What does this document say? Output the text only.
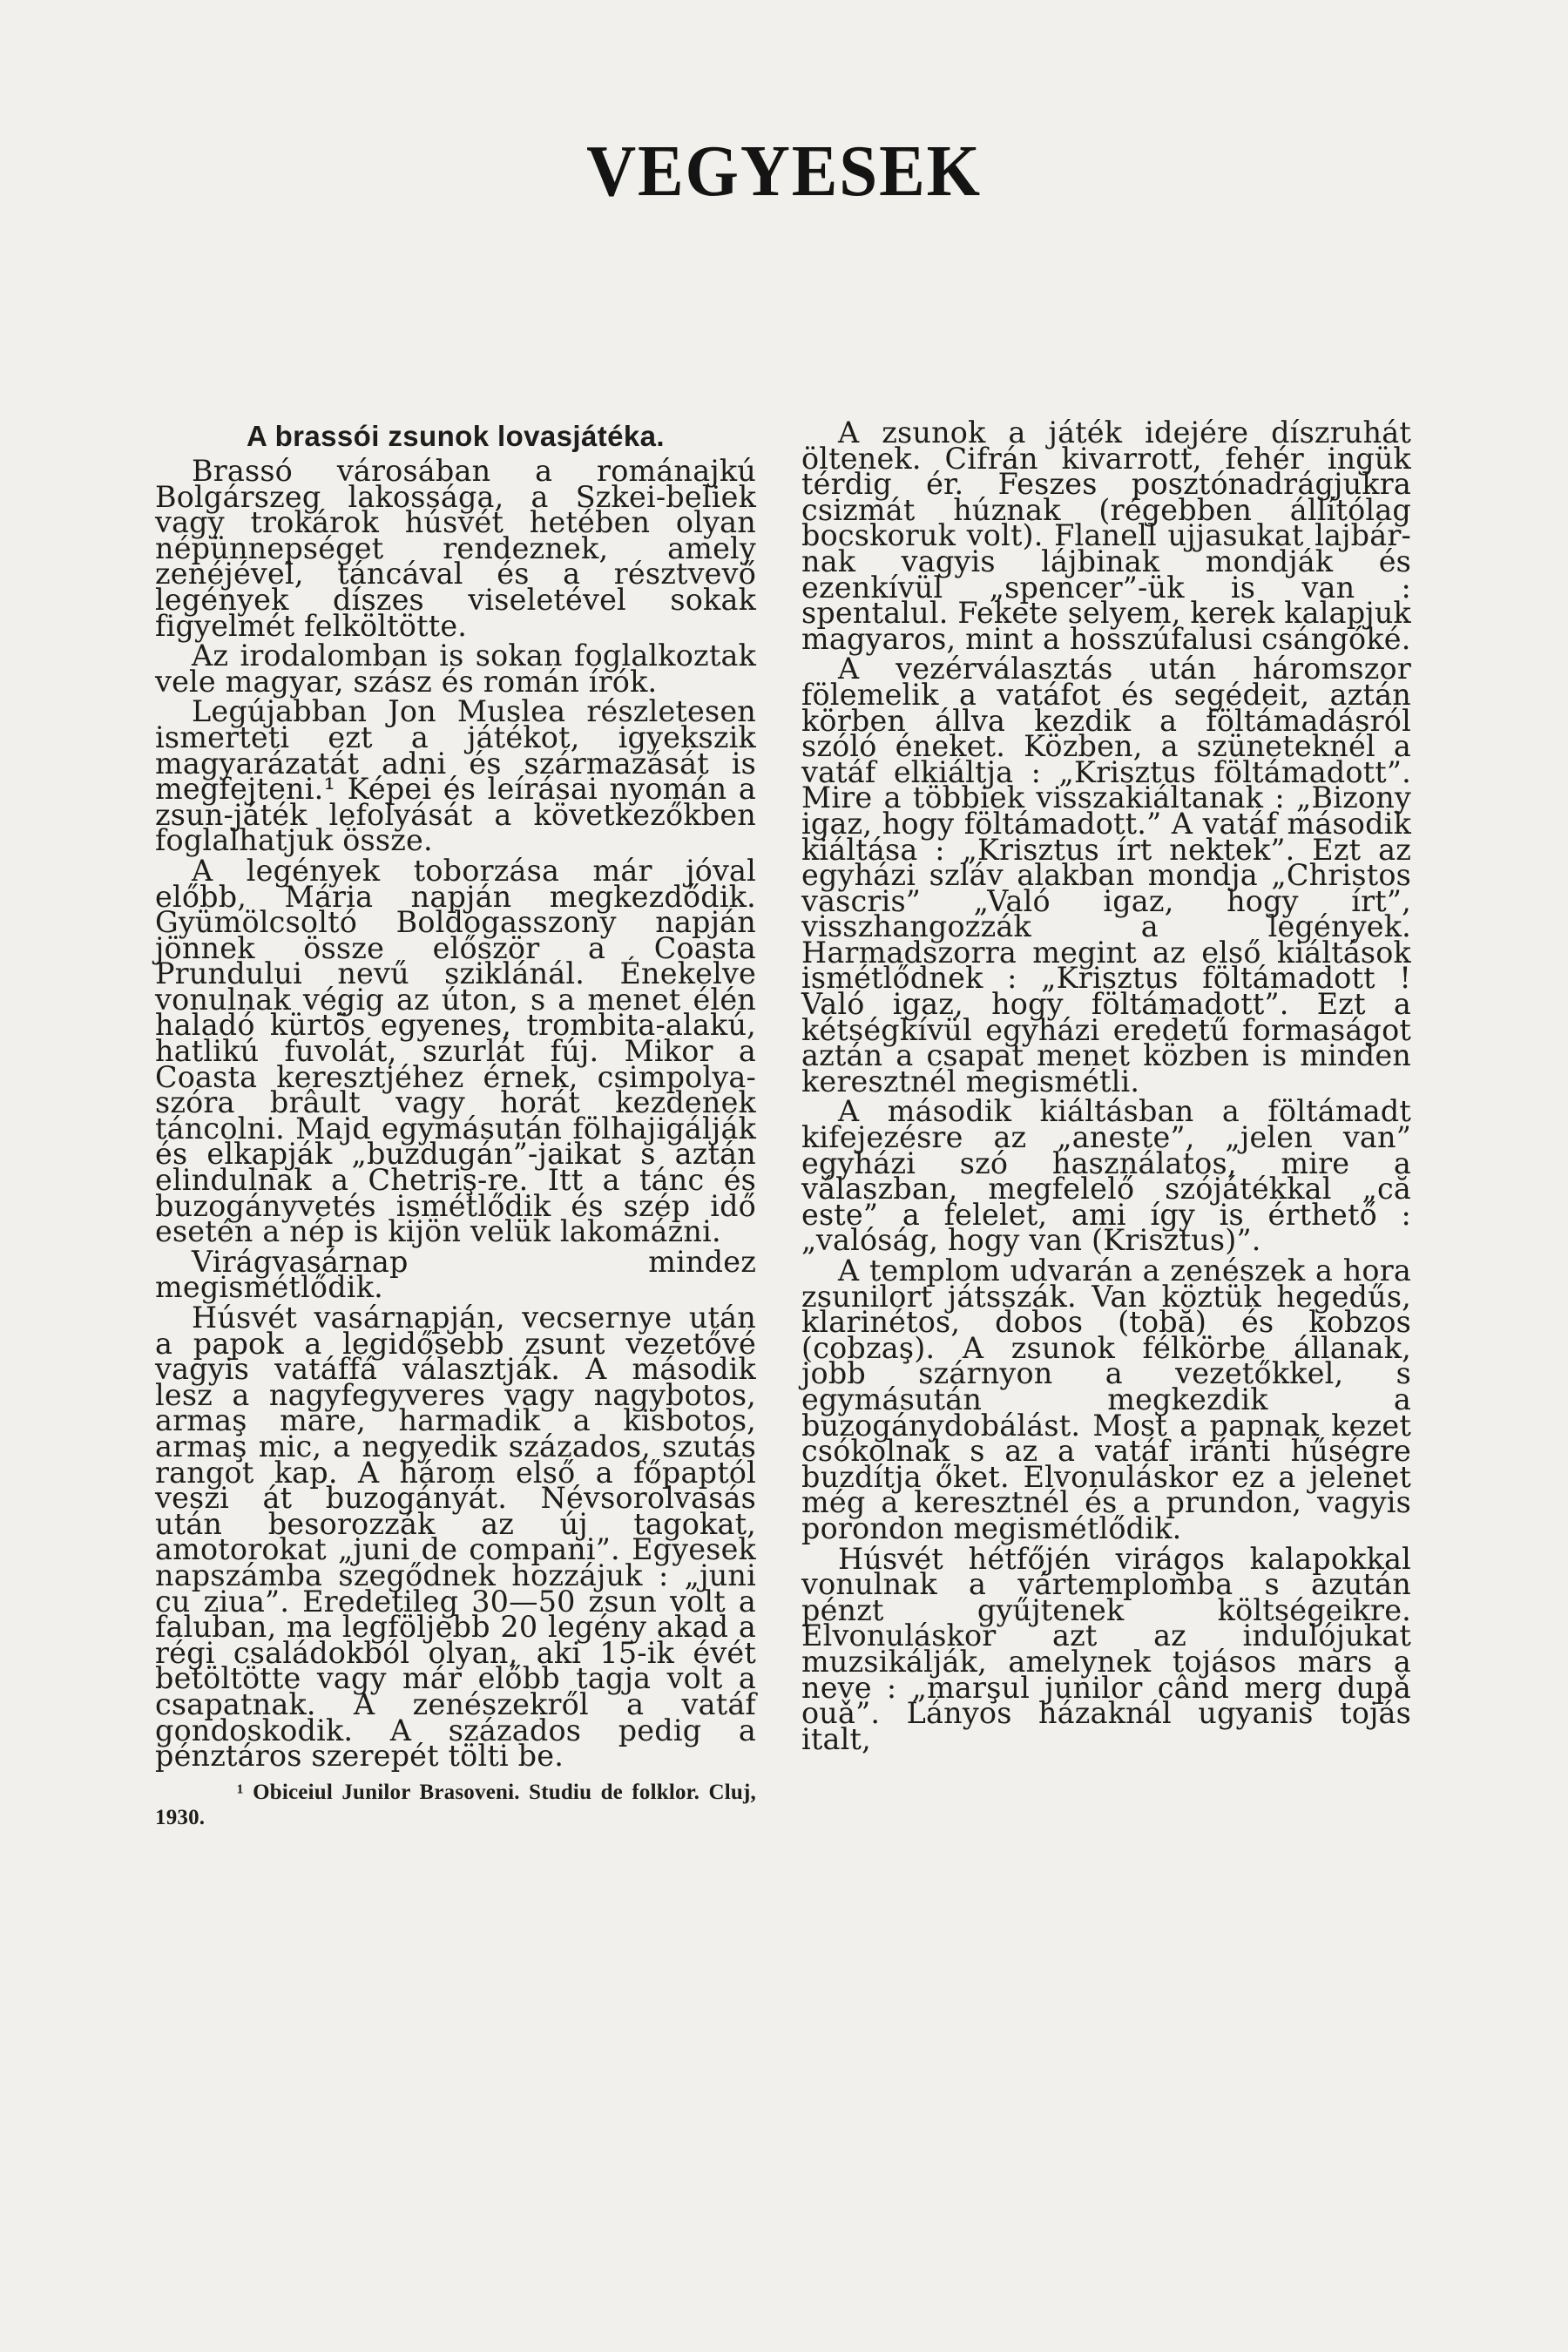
VEGYESEK
A brassói zsunok lovasjátéka.

Brassó városában a románajkú Bolgárszeg lakossága, a Szkei-beliek vagy trokárok húsvét hetében olyan népünnepséget rendeznek, amely zenéjével, táncával és a résztvevő legények díszes viseletével sokak figyelmét felköltötte.

Az irodalomban is sokan foglalkoztak vele magyar, szász és román írók.

Legújabban Jon Muslea részletesen ismerteti ezt a játékot, igyekszik magyarázatát adni és származását is megfejteni.¹ Képei és leírásai nyomán a zsun-játék lefolyását a következőkben foglalhatjuk össze.

A legények toborzása már jóval előbb, Mária napján megkezdődik. Gyümölcsoltó Boldogasszony napján jönnek össze először a Coasta Prundului nevű sziklánál. Énekelve vonulnak végig az úton, s a menet élén haladó kürtös egyenes, trombita-alakú, hatlikú fuvolát, szurlát fúj. Mikor a Coasta keresztjéhez érnek, csimpolya-szóra brâult vagy horát kezdenek táncolni. Majd egymásután fölhajigálják és elkapják „buzdugán”-jaikat s aztán elindulnak a Chetriş-re. Itt a tánc és buzogányvetés ismétlődik és szép idő esetén a nép is kijön velük lakomázni.

Virágvasárnap mindez megismétlődik.

Húsvét vasárnapján, vecsernye után a papok a legidősebb zsunt vezetővé vagyis vatáffá választják. A második lesz a nagyfegyveres vagy nagybotos, armaş mare, harmadik a kisbotos, armaş mic, a negyedik százados, szutás rangot kap. A három első a főpaptól veszi át buzogányát. Névsorolvasás után besorozzák az új tagokat, amotorokat „juni de compani”. Egyesek napszámba szegődnek hozzájuk : „juni cu ziua”. Eredetileg 30—50 zsun volt a faluban, ma legföljebb 20 legény akad a régi családokból olyan, aki 15-ik évét betöltötte vagy már előbb tagja volt a csapatnak. A zenészekről a vatáf gondoskodik. A százados pedig a pénztáros szerepét tölti be.

¹ Obiceiul Junilor Brasoveni. Studiu de folklor. Cluj, 1930.

A zsunok a játék idejére díszruhát öltenek. Cifrán kivarrott, fehér ingük térdig ér. Feszes posztónadrágjukra csizmát húznak (régebben állítólag bocskoruk volt). Flanell ujjasukat lajbár-nak vagyis lájbinak mondják és ezenkívül „spencer”-ük is van : spentalul. Fekete selyem, kerek kalapjuk magyaros, mint a hosszúfalusi csángóké.

A vezérválasztás után háromszor fölemelik a vatáfot és segédeit, aztán körben állva kezdik a föltámadásról szóló éneket. Közben, a szüneteknél a vatáf elkiáltja : „Krisztus föltámadott”. Mire a többiek visszakiáltanak : „Bizony igaz, hogy föltámadott.” A vatáf második kiáltása : „Krisztus írt nektek”. Ezt az egyházi szláv alakban mondja „Christos vascris” „Való igaz, hogy írt”, visszhangozzák a legények. Harmadszorra megint az első kiáltások ismétlődnek : „Krisztus föltámadott ! Való igaz, hogy föltámadott”. Ezt a kétségkívül egyházi eredetű formaságot aztán a csapat menet közben is minden keresztnél megismétli.

A második kiáltásban a föltámadt kifejezésre az „aneste”, „jelen van” egyházi szó használatos, mire a válaszban, megfelelő szójátékkal „că este” a felelet, ami így is érthető : „valóság, hogy van (Krisztus)”.

A templom udvarán a zenészek a hora zsunilort játsszák. Van köztük hegedűs, klarinétos, dobos (tobă) és kobzos (cobzaş). A zsunok félkörbe állanak, jobb szárnyon a vezetőkkel, s egymásután megkezdik a buzogánydobálást. Most a papnak kezet csókolnak s az a vatáf iránti hűségre buzdítja őket. Elvonuláskor ez a jelenet még a keresztnél és a prundon, vagyis porondon megismétlődik.

Húsvét hétfőjén virágos kalapokkal vonulnak a vártemplomba s azután pénzt gyűjtenek költségeikre. Elvonuláskor azt az indulójukat muzsikálják, amelynek tojásos mars a neve : „marşul junilor când merg dupǎ ouǎ”. Lányos házaknál ugyanis tojás italt,
